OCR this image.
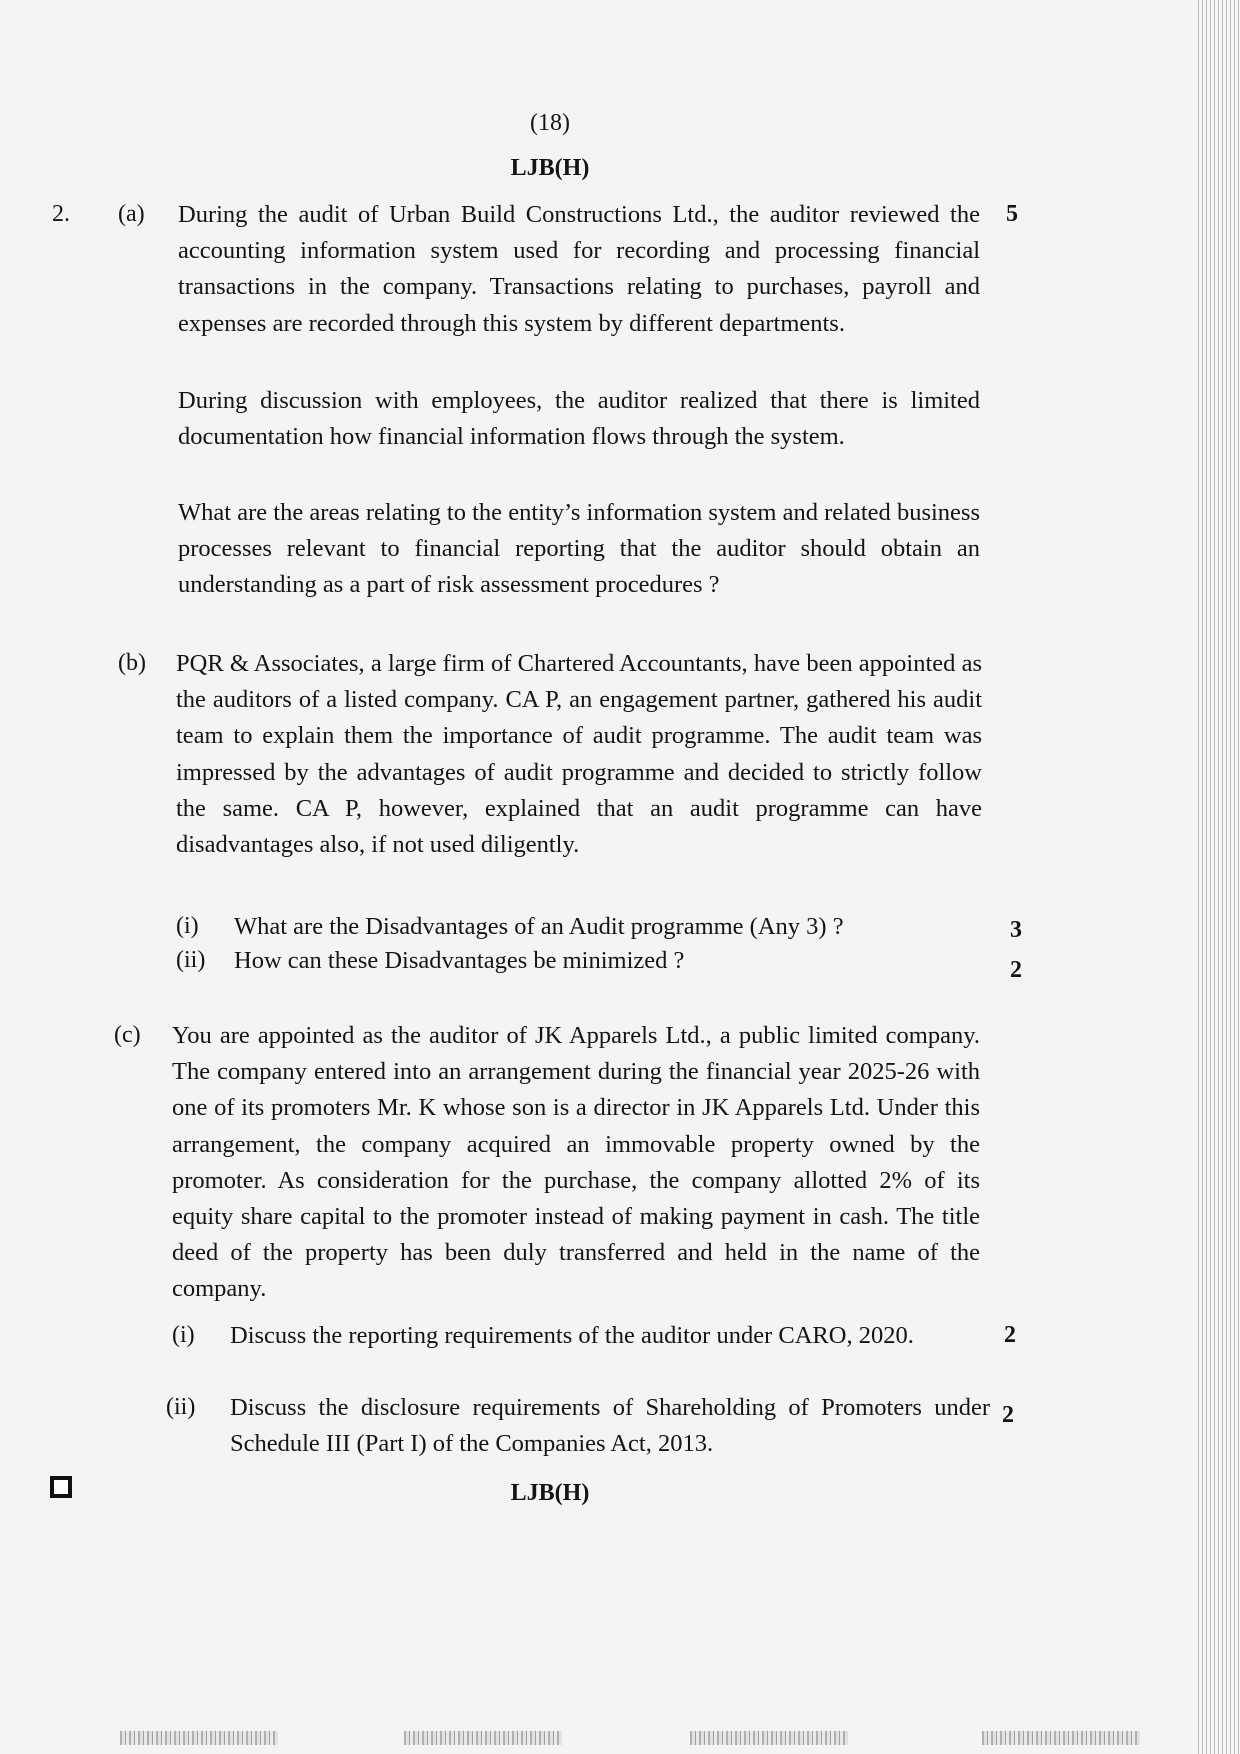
(18)
LJB(H)
2. (a) During the audit of Urban Build Constructions Ltd., the auditor reviewed the accounting information system used for recording and processing financial transactions in the company. Transactions relating to purchases, payroll and expenses are recorded through this system by different departments.
During discussion with employees, the auditor realized that there is limited documentation how financial information flows through the system.
What are the areas relating to the entity’s information system and related business processes relevant to financial reporting that the auditor should obtain an understanding as a part of risk assessment procedures ?
5
(b) PQR & Associates, a large firm of Chartered Accountants, have been appointed as the auditors of a listed company. CA P, an engagement partner, gathered his audit team to explain them the importance of audit programme. The audit team was impressed by the advantages of audit programme and decided to strictly follow the same. CA P, however, explained that an audit programme can have disadvantages also, if not used diligently.
(i) What are the Disadvantages of an Audit programme (Any 3) ?	3
(ii) How can these Disadvantages be minimized ?	2
(c) You are appointed as the auditor of JK Apparels Ltd., a public limited company. The company entered into an arrangement during the financial year 2025-26 with one of its promoters Mr. K whose son is a director in JK Apparels Ltd. Under this arrangement, the company acquired an immovable property owned by the promoter. As consideration for the purchase, the company allotted 2% of its equity share capital to the promoter instead of making payment in cash. The title deed of the property has been duly transferred and held in the name of the company.
(i) Discuss the reporting requirements of the auditor under CARO, 2020.	2
(ii) Discuss the disclosure requirements of Shareholding of Promoters under Schedule III (Part I) of the Companies Act, 2013.
2
LJB(H)
